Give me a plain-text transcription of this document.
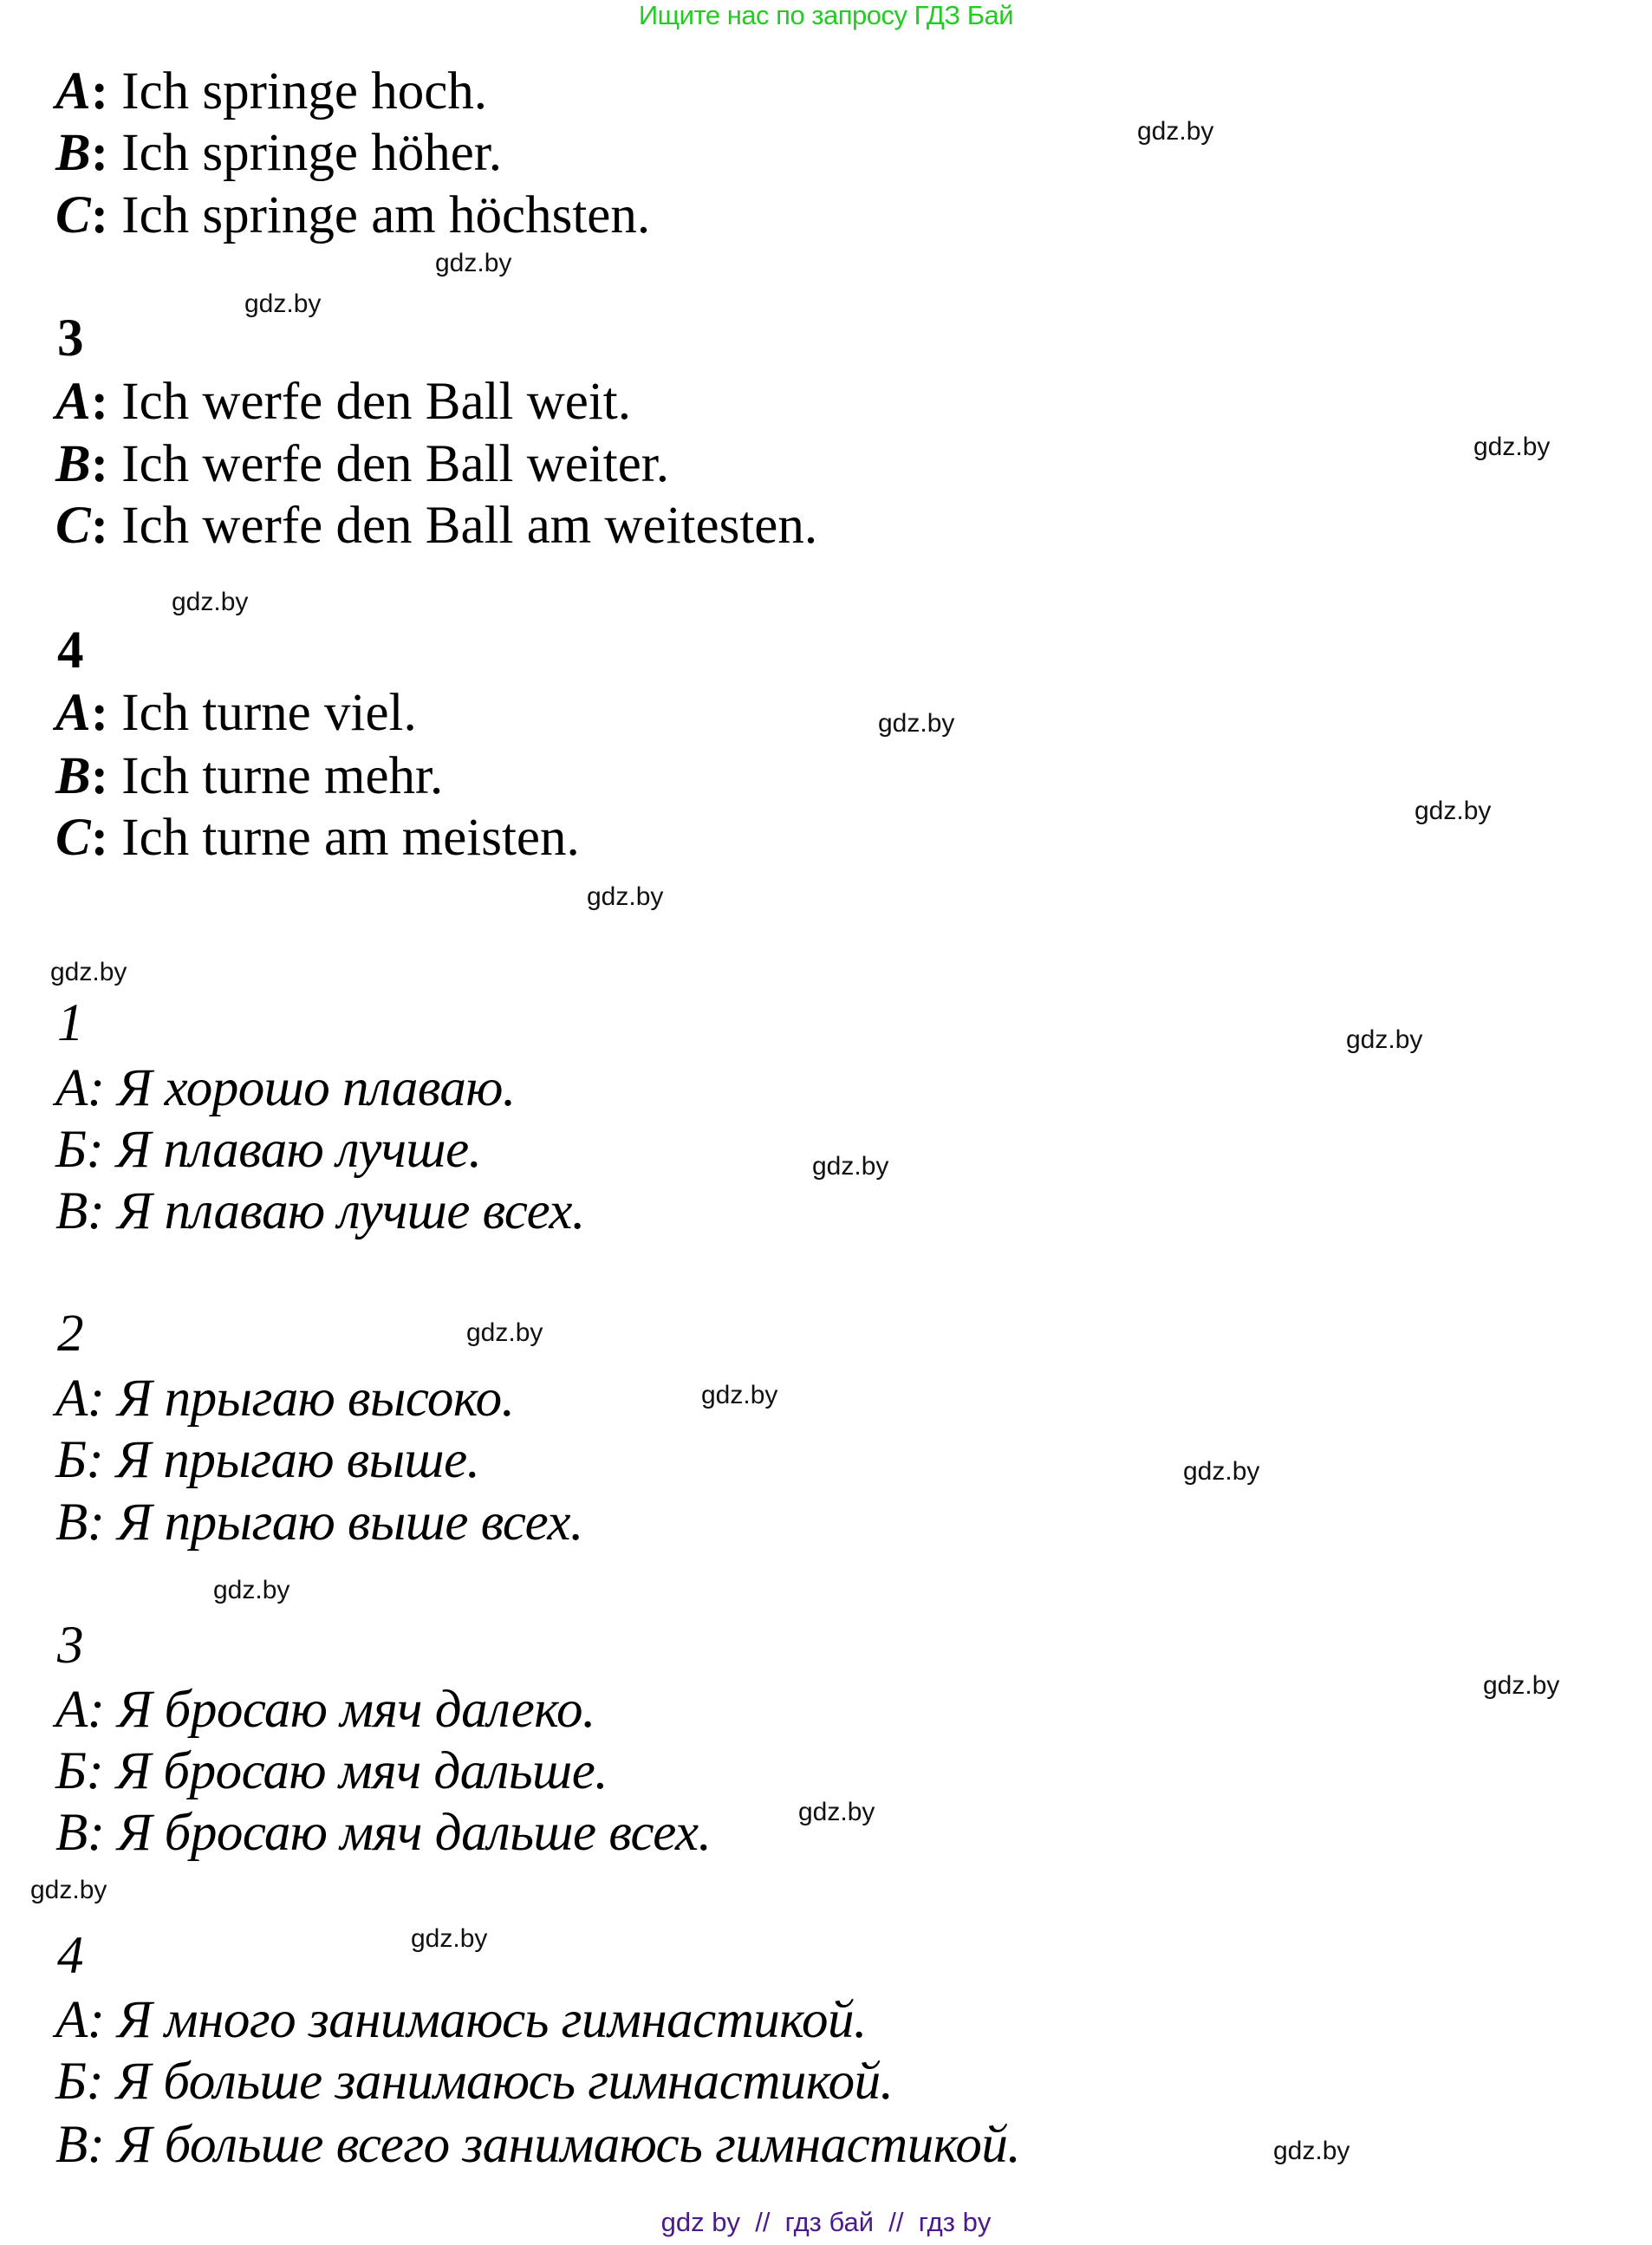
Ищите нас по запросу ГДЗ Бай
A: Ich springe hoch.
B: Ich springe höher.
C: Ich springe am höchsten.
3
A: Ich werfe den Ball weit.
B: Ich werfe den Ball weiter.
C: Ich werfe den Ball am weitesten.
4
A: Ich turne viel.
B: Ich turne mehr.
C: Ich turne am meisten.
1
А: Я хорошо плаваю.
Б: Я плаваю лучше.
В: Я плаваю лучше всех.
2
А: Я прыгаю высоко.
Б: Я прыгаю выше.
В: Я прыгаю выше всех.
3
А: Я бросаю мяч далеко.
Б: Я бросаю мяч дальше.
В: Я бросаю мяч дальше всех.
4
А: Я много занимаюсь гимнастикой.
Б: Я больше занимаюсь гимнастикой.
В: Я больше всего занимаюсь гимнастикой.
gdz.by
gdz.by
gdz.by
gdz.by
gdz.by
gdz.by
gdz.by
gdz.by
gdz.by
gdz.by
gdz.by
gdz.by
gdz.by
gdz.by
gdz.by
gdz.by
gdz.by
gdz.by
gdz.by
gdz.by
gdz by  //  гдз бай  //  гдз by
